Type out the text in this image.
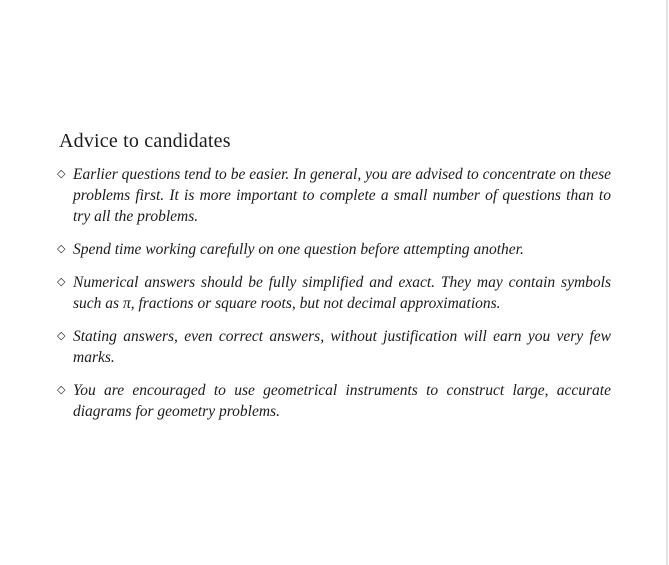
Advice to candidates
◇ Earlier questions tend to be easier. In general, you are advised to concentrate on these problems first. It is more important to complete a small number of questions than to try all the problems.

◇ Spend time working carefully on one question before attempting another.

◇ Numerical answers should be fully simplified and exact. They may contain symbols such as π, fractions or square roots, but not decimal approximations.

◇ Stating answers, even correct answers, without justification will earn you very few marks.

◇ You are encouraged to use geometrical instruments to construct large, accurate diagrams for geometry problems.
